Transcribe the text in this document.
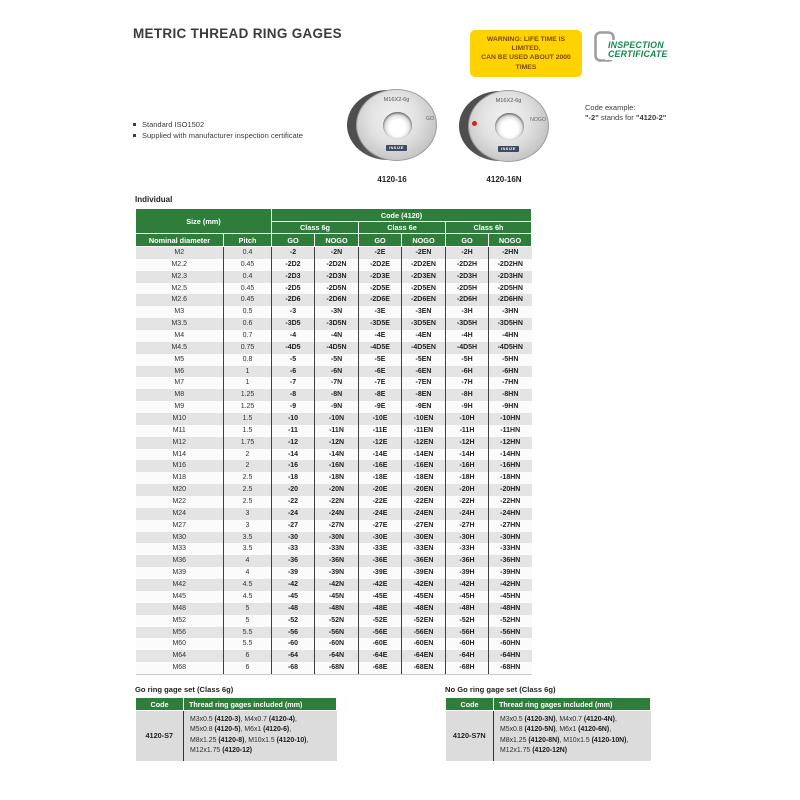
METRIC THREAD RING GAGES	WARNING: LIFE TIME IS LIMITED,
CAN BE USED ABOUT 2000 TIMES
INSPECTION
CERTIFICATE
Standard ISO1502
Supplied with manufacturer inspection certificate
M16X2-6g
GO
INSIZE
4120-16
M16X2-6g
NOGO
INSIZE
4120-16N
Code example:
"-2" stands for "4120-2"
Individual
Size (mm)		Code (4120)					
		Class 6g		Class 6e		Class 6h	
Nominal diameter	Pitch	GO	NOGO	GO	NOGO	GO	NOGO
M2	0.4	-2	-2N	-2E	-2EN	-2H	-2HN
M2.2	0.45	-2D2	-2D2N	-2D2E	-2D2EN	-2D2H	-2D2HN
M2.3	0.4	-2D3	-2D3N	-2D3E	-2D3EN	-2D3H	-2D3HN
M2.5	0.45	-2D5	-2D5N	-2D5E	-2D5EN	-2D5H	-2D5HN
M2.6	0.45	-2D6	-2D6N	-2D6E	-2D6EN	-2D6H	-2D6HN
M3	0.5	-3	-3N	-3E	-3EN	-3H	-3HN
M3.5	0.6	-3D5	-3D5N	-3D5E	-3D5EN	-3D5H	-3D5HN
M4	0.7	-4	-4N	-4E	-4EN	-4H	-4HN
M4.5	0.75	-4D5	-4D5N	-4D5E	-4D5EN	-4D5H	-4D5HN
M5	0.8	-5	-5N	-5E	-5EN	-5H	-5HN
M6	1	-6	-6N	-6E	-6EN	-6H	-6HN
M7	1	-7	-7N	-7E	-7EN	-7H	-7HN
M8	1.25	-8	-8N	-8E	-8EN	-8H	-8HN
M9	1.25	-9	-9N	-9E	-9EN	-9H	-9HN
M10	1.5	-10	-10N	-10E	-10EN	-10H	-10HN
M11	1.5	-11	-11N	-11E	-11EN	-11H	-11HN
M12	1.75	-12	-12N	-12E	-12EN	-12H	-12HN
M14	2	-14	-14N	-14E	-14EN	-14H	-14HN
M16	2	-16	-16N	-16E	-16EN	-16H	-16HN
M18	2.5	-18	-18N	-18E	-18EN	-18H	-18HN
M20	2.5	-20	-20N	-20E	-20EN	-20H	-20HN
M22	2.5	-22	-22N	-22E	-22EN	-22H	-22HN
M24	3	-24	-24N	-24E	-24EN	-24H	-24HN
M27	3	-27	-27N	-27E	-27EN	-27H	-27HN
M30	3.5	-30	-30N	-30E	-30EN	-30H	-30HN
M33	3.5	-33	-33N	-33E	-33EN	-33H	-33HN
M36	4	-36	-36N	-36E	-36EN	-36H	-36HN
M39	4	-39	-39N	-39E	-39EN	-39H	-39HN
M42	4.5	-42	-42N	-42E	-42EN	-42H	-42HN
M45	4.5	-45	-45N	-45E	-45EN	-45H	-45HN
M48	5	-48	-48N	-48E	-48EN	-48H	-48HN
M52	5	-52	-52N	-52E	-52EN	-52H	-52HN
M56	5.5	-56	-56N	-56E	-56EN	-56H	-56HN
M60	5.5	-60	-60N	-60E	-60EN	-60H	-60HN
M64	6	-64	-64N	-64E	-64EN	-64H	-64HN
M68	6	-68	-68N	-68E	-68EN	-68H	-68HN
Go ring gage set (Class 6g)
Code	Thread ring gages included (mm)
4120-S7	M3x0.5 (4120-3), M4x0.7 (4120-4),
M5x0.8 (4120-5), M6x1 (4120-6),
M8x1.25 (4120-8), M10x1.5 (4120-10),
M12x1.75 (4120-12)
No Go ring gage set (Class 6g)
Code	Thread ring gages included (mm)
4120-S7N	M3x0.5 (4120-3N), M4x0.7 (4120-4N),
M5x0.8 (4120-5N), M6x1 (4120-6N),
M8x1.25 (4120-8N), M10x1.5 (4120-10N),
M12x1.75 (4120-12N)
